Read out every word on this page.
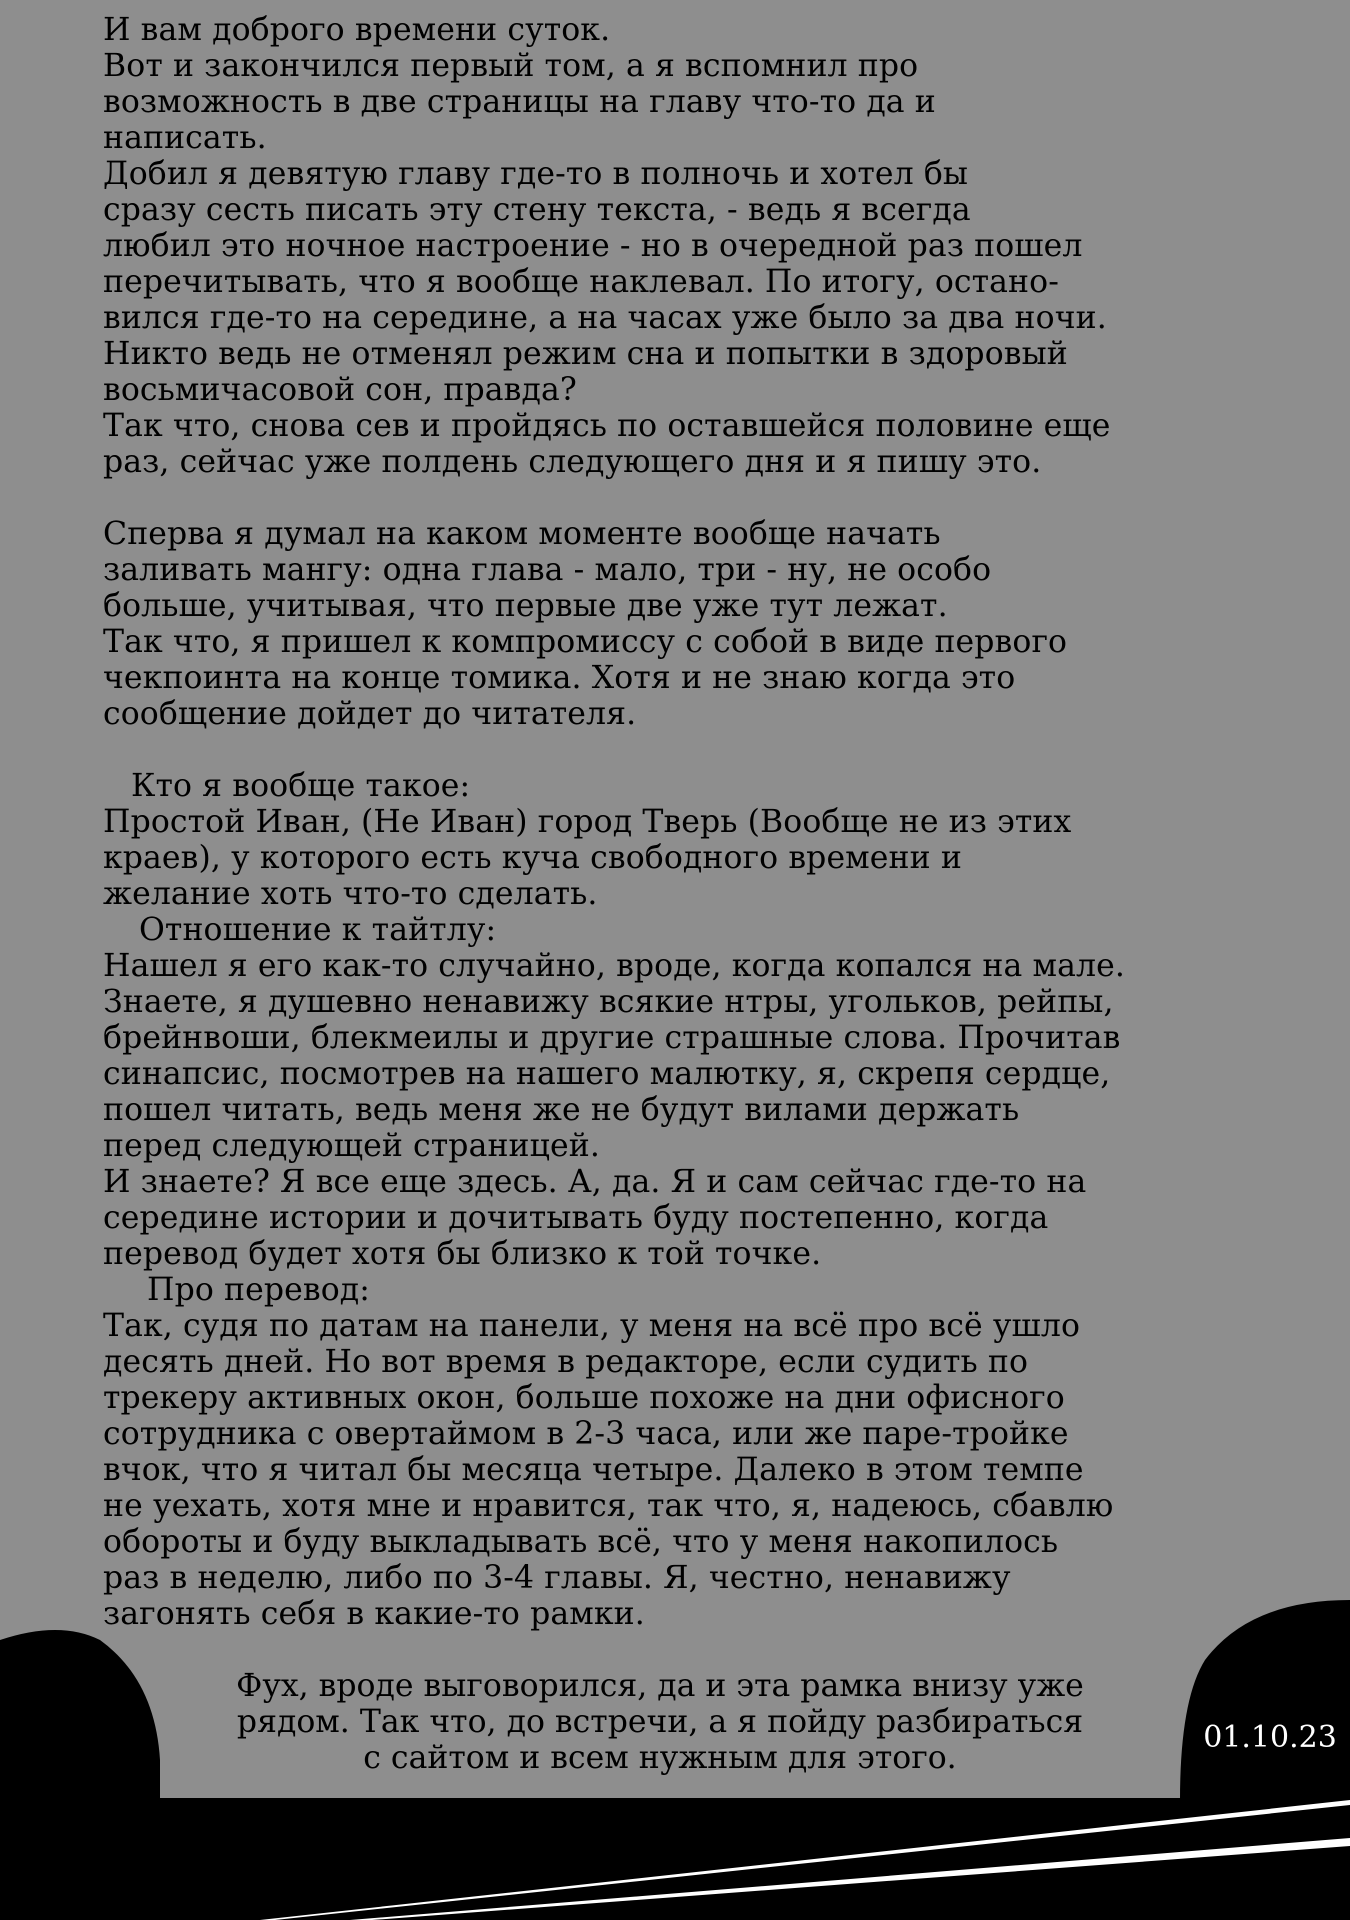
И вам доброго времени суток.
Вот и закончился первый том, а я вспомнил про
возможность в две страницы на главу что-то да и
написать.
Добил я девятую главу где-то в полночь и хотел бы
сразу сесть писать эту стену текста, - ведь я всегда
любил это ночное настроение - но в очередной раз пошел
перечитывать, что я вообще наклевал. По итогу, остано-
вился где-то на середине, а на часах уже было за два ночи.
Никто ведь не отменял режим сна и попытки в здоровый
восьмичасовой сон, правда?
Так что, снова сев и пройдясь по оставшейся половине еще
раз, сейчас уже полдень следующего дня и я пишу это.
Сперва я думал на каком моменте вообще начать
заливать мангу: одна глава - мало, три - ну, не особо
больше, учитывая, что первые две уже тут лежат.
Так что, я пришел к компромиссу с собой в виде первого
чекпоинта на конце томика. Хотя и не знаю когда это
сообщение дойдет до читателя.
Кто я вообще такое:
Простой Иван, (Не Иван) город Тверь (Вообще не из этих
краев), у которого есть куча свободного времени и
желание хоть что-то сделать.
Отношение к тайтлу:
Нашел я его как-то случайно, вроде, когда копался на мале.
Знаете, я душевно ненавижу всякие нтры, угольков, рейпы,
брейнвоши, блекмеилы и другие страшные слова. Прочитав
синапсис, посмотрев на нашего малютку, я, скрепя сердце,
пошел читать, ведь меня же не будут вилами держать
перед следующей страницей.
И знаете? Я все еще здесь. А, да. Я и сам сейчас где-то на
середине истории и дочитывать буду постепенно, когда
перевод будет хотя бы близко к той точке.
Про перевод:
Так, судя по датам на панели, у меня на всё про всё ушло
десять дней. Но вот время в редакторе, если судить по
трекеру активных окон, больше похоже на дни офисного
сотрудника с овертаймом в 2-3 часа, или же паре-тройке
вчок, что я читал бы месяца четыре. Далеко в этом темпе
не уехать, хотя мне и нравится, так что, я, надеюсь, сбавлю
обороты и буду выкладывать всё, что у меня накопилось
раз в неделю, либо по 3-4 главы. Я, честно, ненавижу
загонять себя в какие-то рамки.
Фух, вроде выговорился, да и эта рамка внизу уже
рядом. Так что, до встречи, а я пойду разбираться
с сайтом и всем нужным для этого.
01.10.23
